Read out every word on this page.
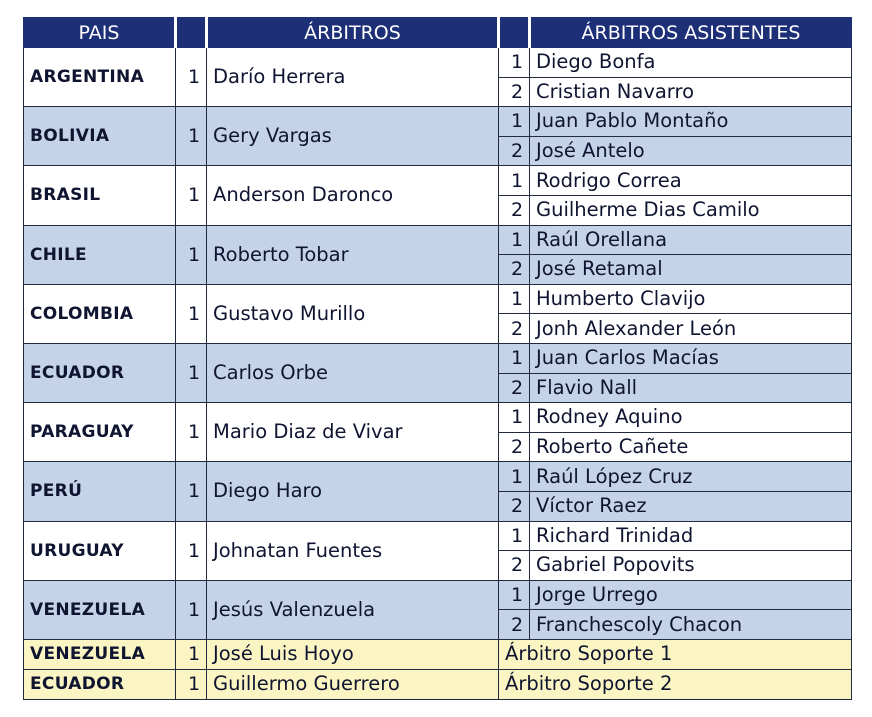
PAIS		ÁRBITROS		ÁRBITROS ASISTENTES
ARGENTINA	1	Darío Herrera	1	Diego Bonfa
			2	Cristian Navarro
BOLIVIA	1	Gery Vargas	1	Juan Pablo Montaño
			2	José Antelo
BRASIL	1	Anderson Daronco	1	Rodrigo Correa
			2	Guilherme Dias Camilo
CHILE	1	Roberto Tobar	1	Raúl Orellana
			2	José Retamal
COLOMBIA	1	Gustavo Murillo	1	Humberto Clavijo
			2	Jonh Alexander León
ECUADOR	1	Carlos Orbe	1	Juan Carlos Macías
			2	Flavio Nall
PARAGUAY	1	Mario Diaz de Vivar	1	Rodney Aquino
			2	Roberto Cañete
PERÚ	1	Diego Haro	1	Raúl López Cruz
			2	Víctor Raez
URUGUAY	1	Johnatan Fuentes	1	Richard Trinidad
			2	Gabriel Popovits
VENEZUELA	1	Jesús Valenzuela	1	Jorge Urrego
			2	Franchescoly Chacon
VENEZUELA	1	José Luis Hoyo	Árbitro Soporte 1	
ECUADOR	1	Guillermo Guerrero	Árbitro Soporte 2	
